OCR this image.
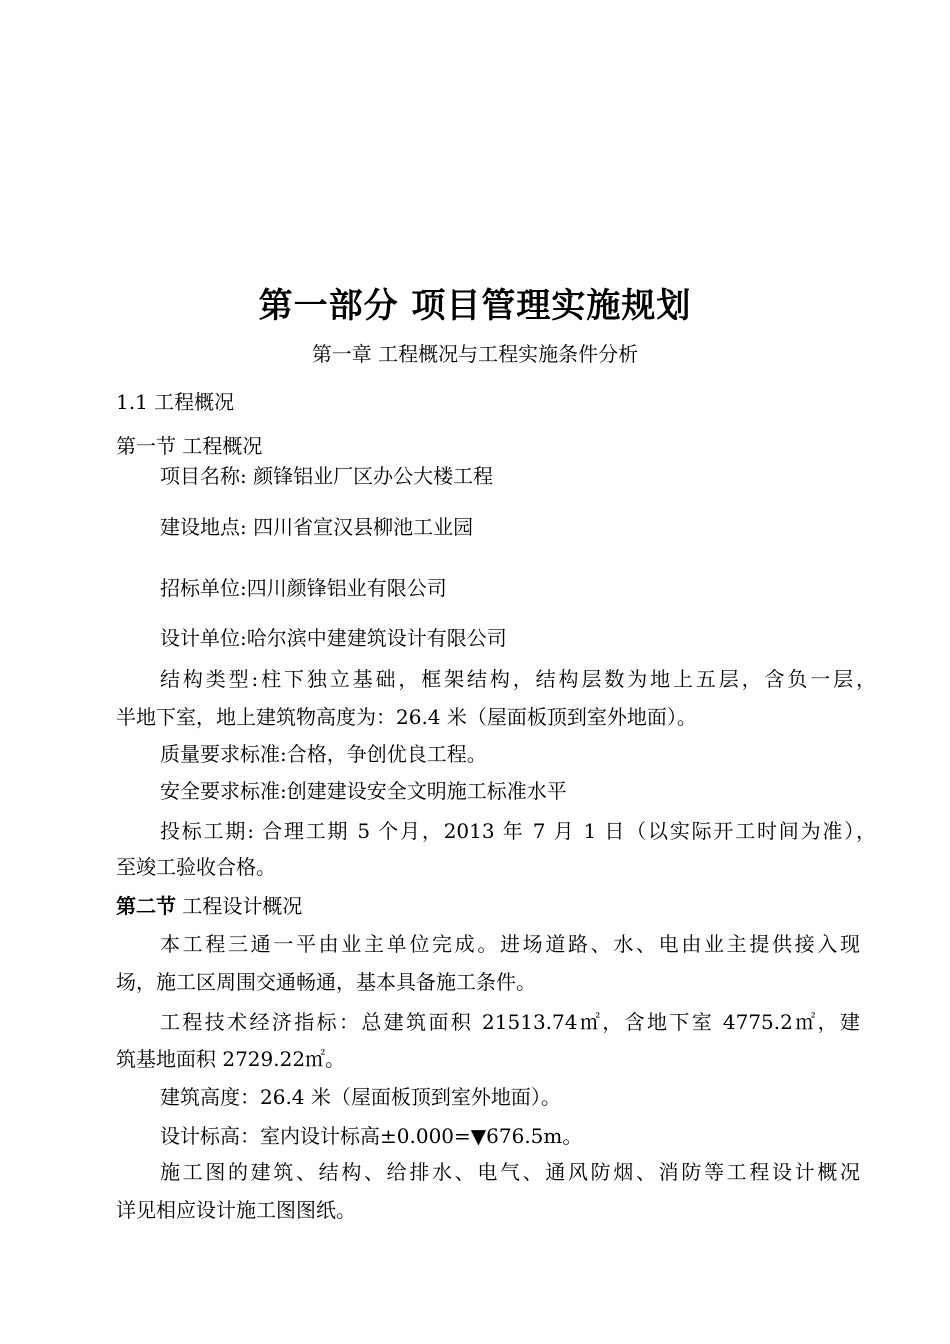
第一部分 项目管理实施规划
第一章 工程概况与工程实施条件分析
1.1 工程概况
第一节 工程概况
项目名称: 颜锋铝业厂区办公大楼工程
建设地点: 四川省宣汉县柳池工业园
招标单位:四川颜锋铝业有限公司
设计单位:哈尔滨中建建筑设计有限公司
结构类型:柱下独立基础，框架结构，结构层数为地上五层，含负一层，
半地下室，地上建筑物高度为：26.4 米（屋面板顶到室外地面）。
质量要求标准:合格，争创优良工程。
安全要求标准:创建建设安全文明施工标准水平
投标工期: 合理工期 5 个月，2013 年 7 月 1 日（以实际开工时间为准），
至竣工验收合格。
第二节 工程设计概况
本工程三通一平由业主单位完成。进场道路、水、电由业主提供接入现
场，施工区周围交通畅通，基本具备施工条件。
工程技术经济指标：总建筑面积 21513.74㎡，含地下室 4775.2㎡，建
筑基地面积 2729.22㎡。
建筑高度：26.4 米（屋面板顶到室外地面）。
设计标高：室内设计标高±0.000=▼676.5m。
施工图的建筑、结构、给排水、电气、通风防烟、消防等工程设计概况
详见相应设计施工图图纸。
